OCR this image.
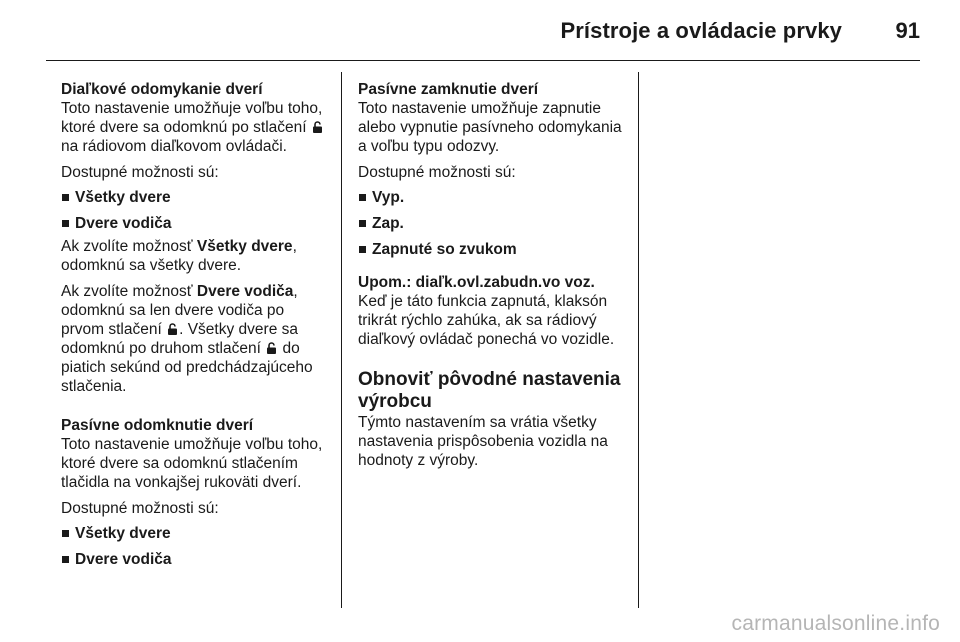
Prístroje a ovládacie prvky 91

Diaľkové odomykanie dverí

Toto nastavenie umožňuje voľbu toho, ktoré dvere sa odomknú po stlačení  na rádiovom diaľkovom ovládači.

Dostupné možnosti sú:

Všetky dvere
Dvere vodiča

Ak zvolíte možnosť Všetky dvere, odomknú sa všetky dvere.

Ak zvolíte možnosť Dvere vodiča, odomknú sa len dvere vodiča po prvom stlačení . Všetky dvere sa odomknú po druhom stlačení do piatich sekúnd od predchádzajúceho stlačenia.

Pasívne odomknutie dverí

Toto nastavenie umožňuje voľbu toho, ktoré dvere sa odomknú stlačením tlačidla na vonkajšej rukoväti dverí.

Dostupné možnosti sú:

Všetky dvere
Dvere vodiča

Pasívne zamknutie dverí

Toto nastavenie umožňuje zapnutie alebo vypnutie pasívneho odomykania a voľbu typu odozvy.

Dostupné možnosti sú:

Vyp.
Zap.
Zapnuté so zvukom

Upom.: diaľk.ovl.zabudn.vo voz.

Keď je táto funkcia zapnutá, klaksón trikrát rýchlo zahúka, ak sa rádiový diaľkový ovládač ponechá vo vozidle.

Obnoviť pôvodné nastavenia výrobcu

Týmto nastavením sa vrátia všetky nastavenia prispôsobenia vozidla na hodnoty z výroby.

carmanualsonline.info
